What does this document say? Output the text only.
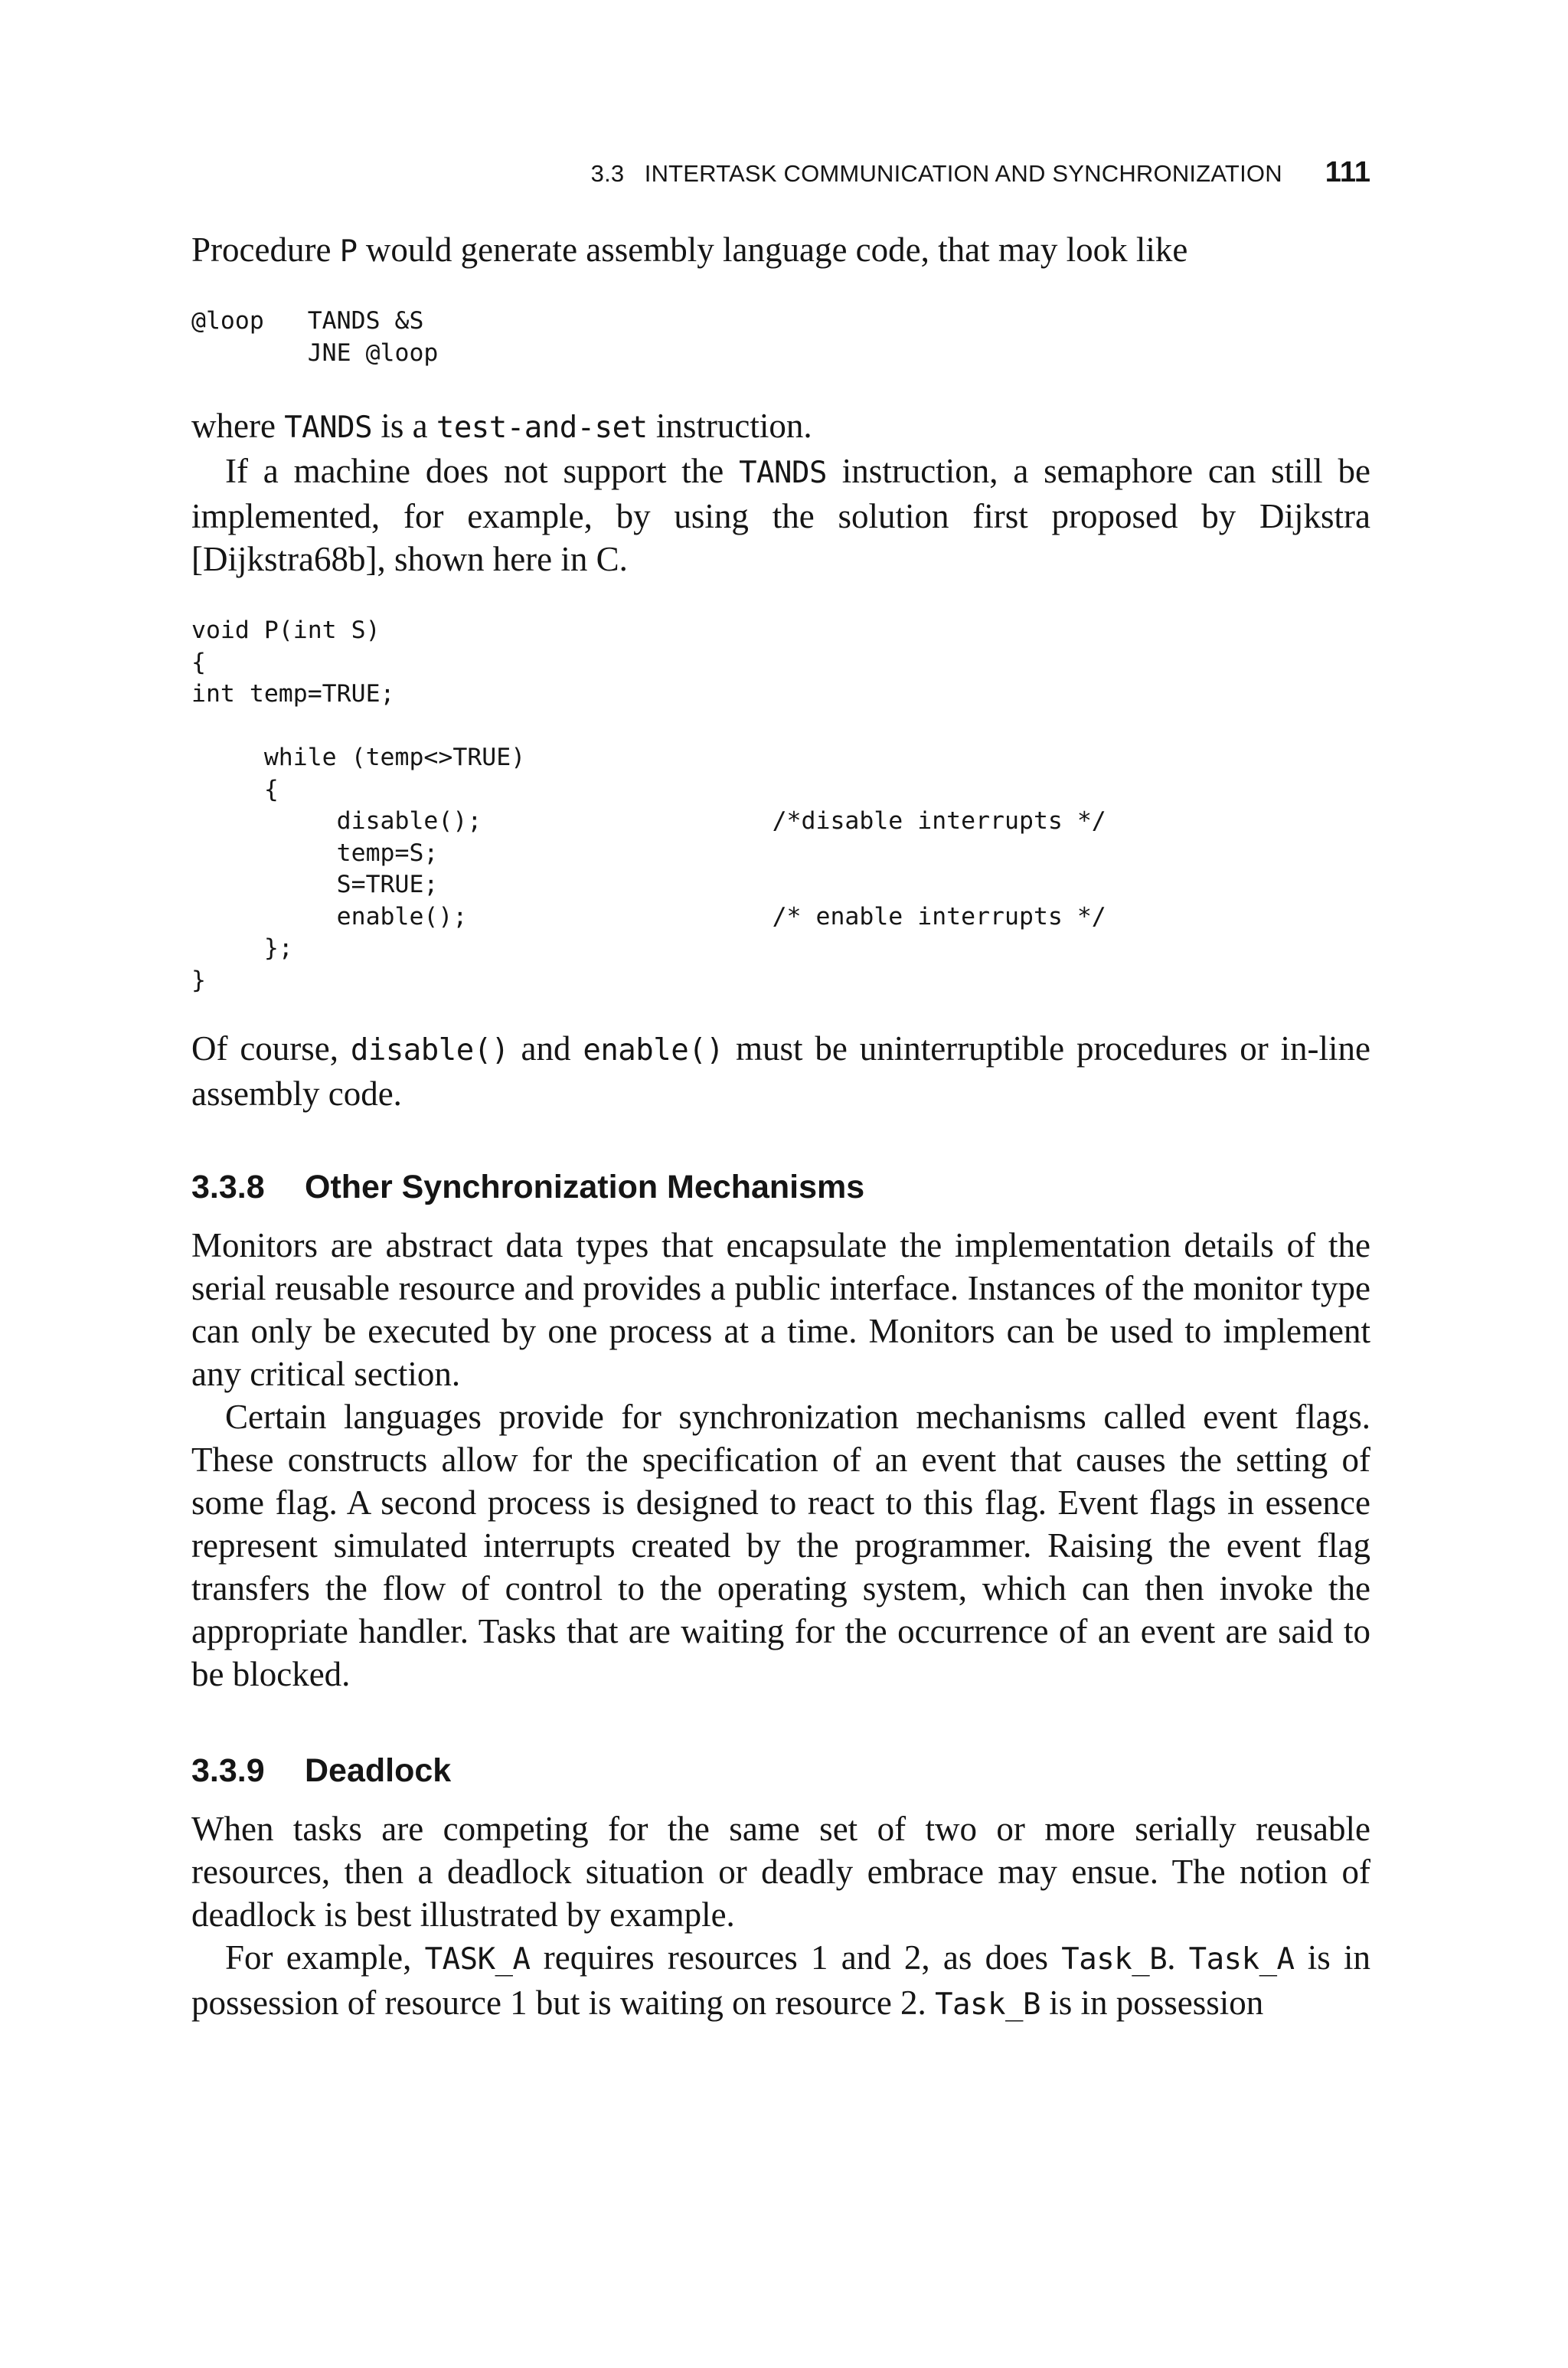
3.3   INTERTASK COMMUNICATION AND SYNCHRONIZATION 111

Procedure P would generate assembly language code, that may look like

@loop   TANDS &S
JNE @loop

where TANDS is a test-and-set instruction.

If a machine does not support the TANDS instruction, a semaphore can still be implemented, for example, by using the solution first proposed by Dijkstra [Dijkstra68b], shown here in C.

void P(int S)
{
int temp=TRUE;

while (temp<>TRUE)
{
disable();                    /*disable interrupts */
temp=S;
S=TRUE;
enable();                     /* enable interrupts */
};
}

Of course, disable() and enable() must be uninterruptible procedures or in-line assembly code.

3.3.8 Other Synchronization Mechanisms

Monitors are abstract data types that encapsulate the implementation details of the serial reusable resource and provides a public interface. Instances of the monitor type can only be executed by one process at a time. Monitors can be used to implement any critical section.

Certain languages provide for synchronization mechanisms called event flags. These constructs allow for the specification of an event that causes the setting of some flag. A second process is designed to react to this flag. Event flags in essence represent simulated interrupts created by the programmer. Raising the event flag transfers the flow of control to the operating system, which can then invoke the appropriate handler. Tasks that are waiting for the occurrence of an event are said to be blocked.

3.3.9 Deadlock

When tasks are competing for the same set of two or more serially reusable resources, then a deadlock situation or deadly embrace may ensue. The notion of deadlock is best illustrated by example.

For example, TASK_A requires resources 1 and 2, as does Task_B. Task_A is in possession of resource 1 but is waiting on resource 2. Task_B is in possession
